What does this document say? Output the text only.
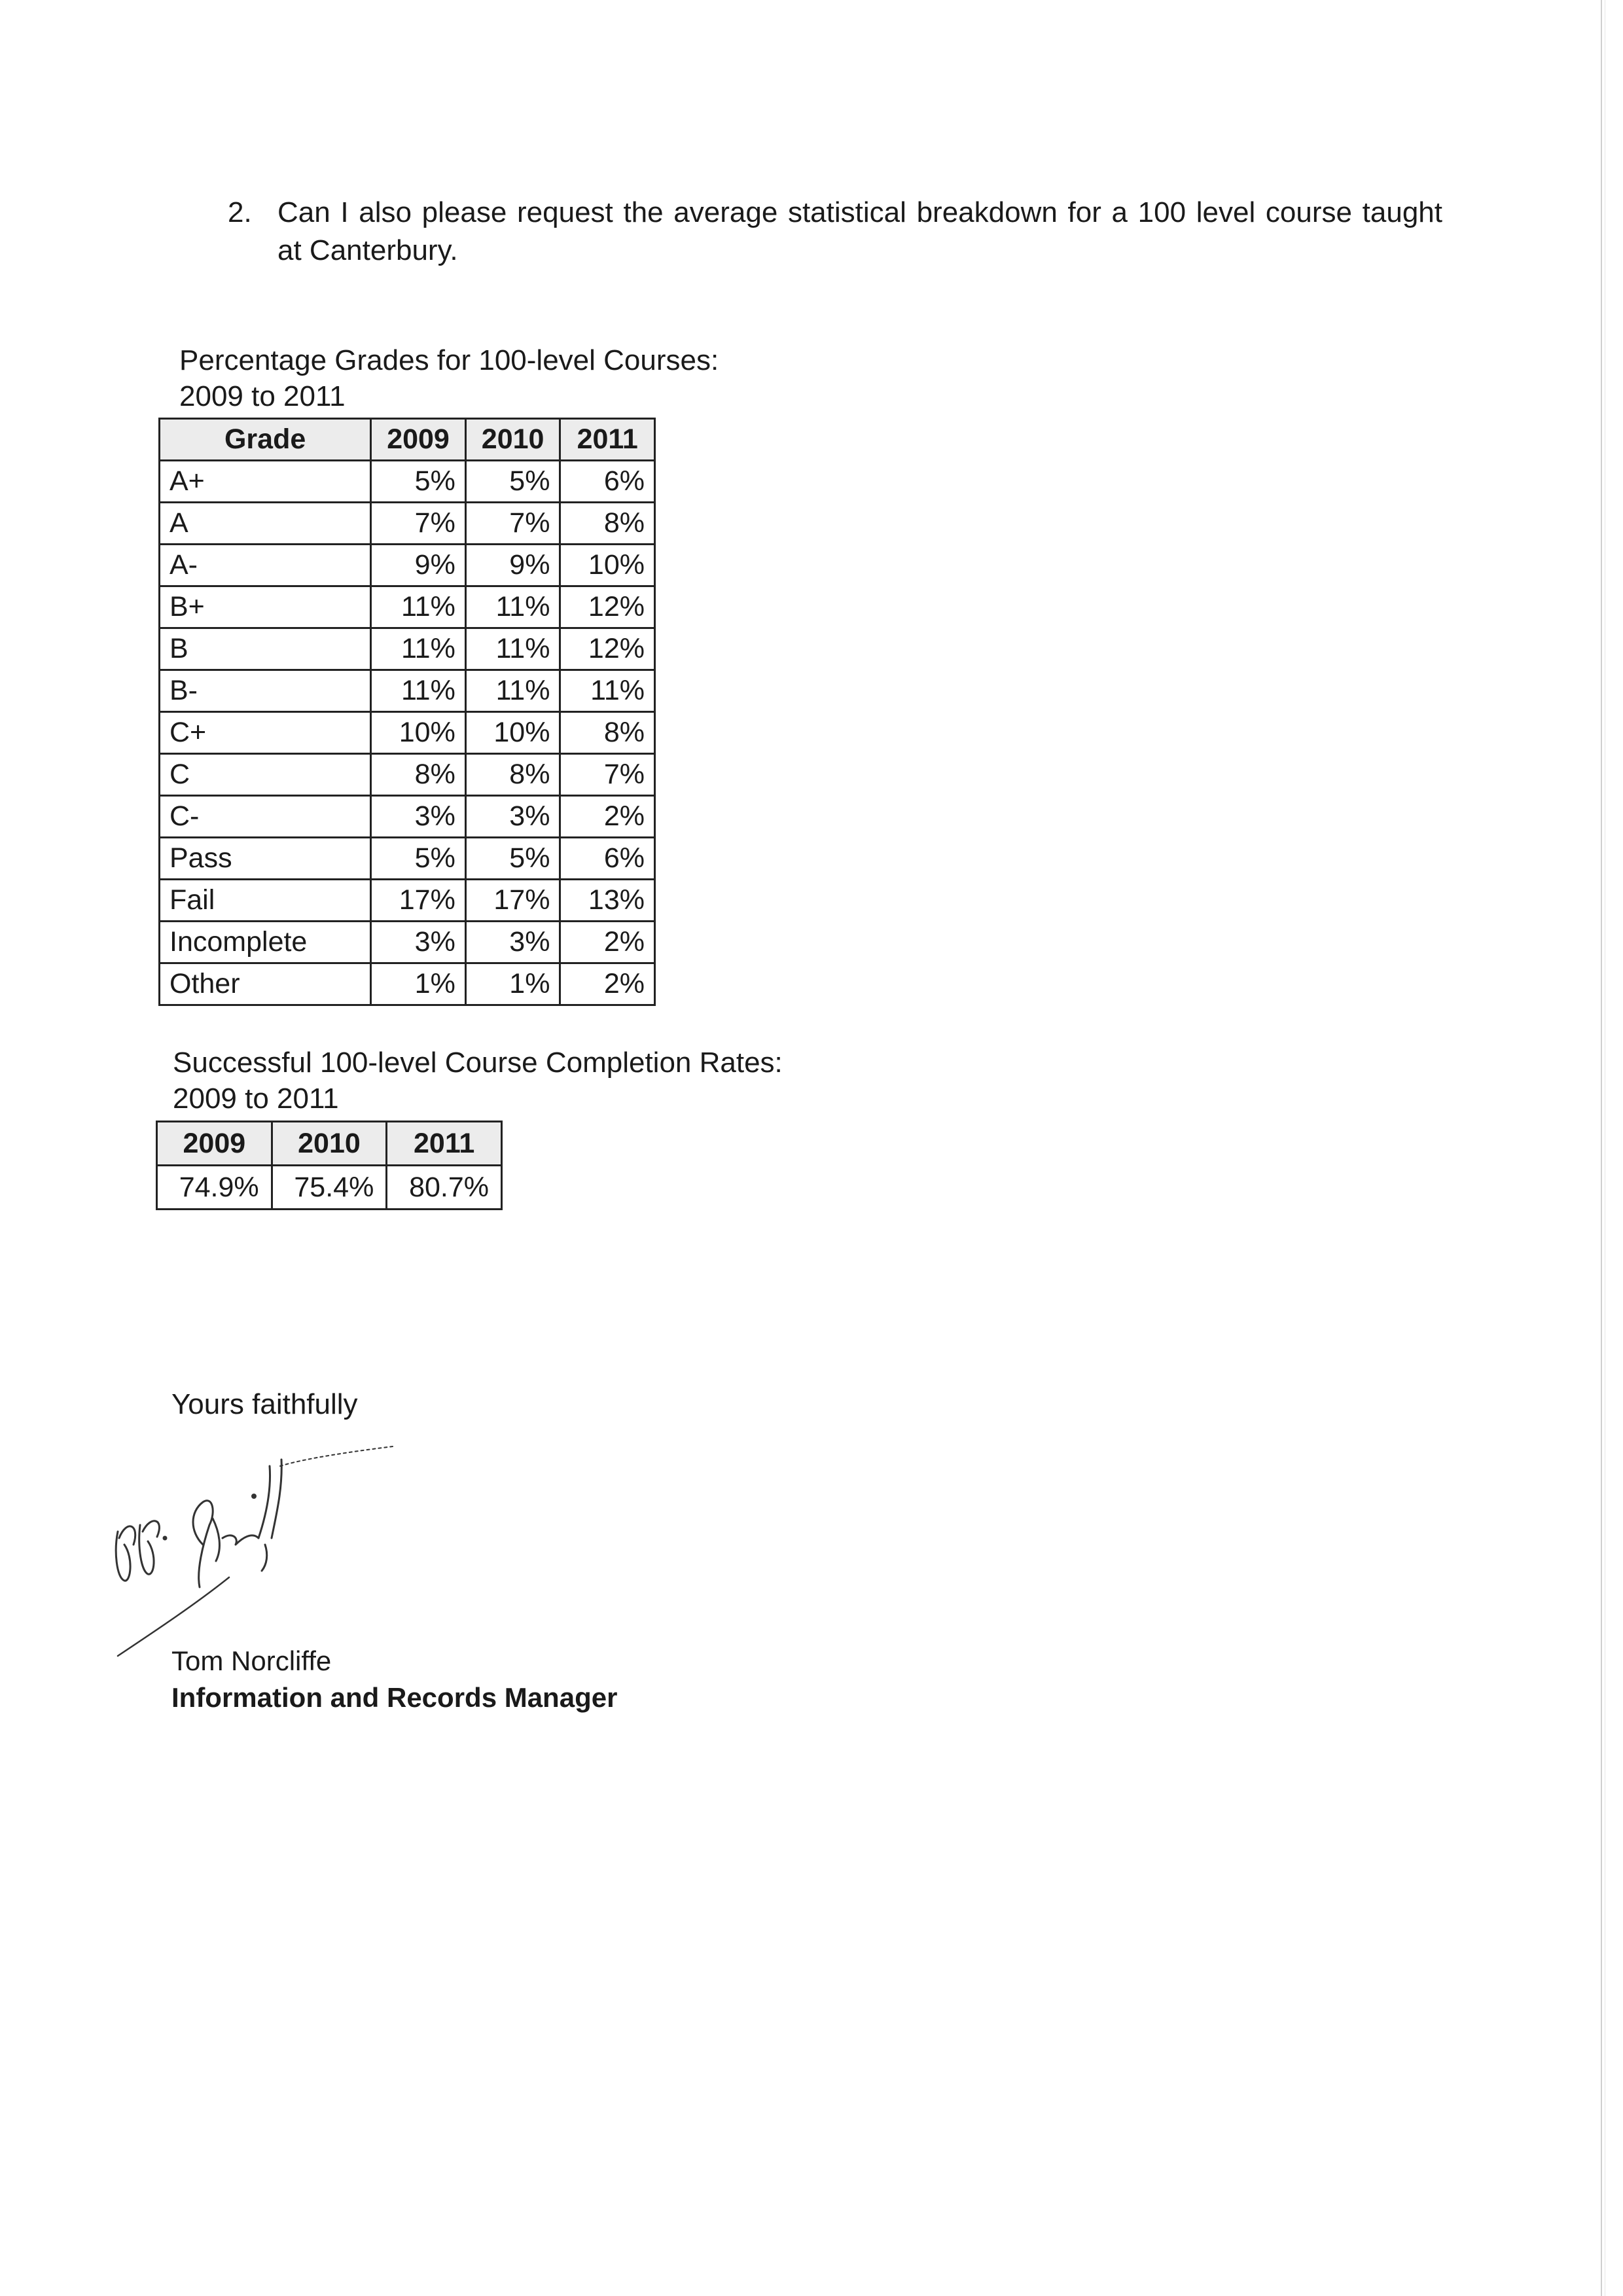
2. Can I also please request the average statistical breakdown for a 100 level course taught at Canterbury.
Percentage Grades for 100-level Courses:
2009 to 2011
Grade	2009	2010	2011
A+	5%	5%	6%
A	7%	7%	8%
A-	9%	9%	10%
B+	11%	11%	12%
B	11%	11%	12%
B-	11%	11%	11%
C+	10%	10%	8%
C	8%	8%	7%
C-	3%	3%	2%
Pass	5%	5%	6%
Fail	17%	17%	13%
Incomplete	3%	3%	2%
Other	1%	1%	2%
Successful 100-level Course Completion Rates:
2009 to 2011
2009	2010	2011
74.9%	75.4%	80.7%
Yours faithfully
Tom Norcliffe
Information and Records Manager
